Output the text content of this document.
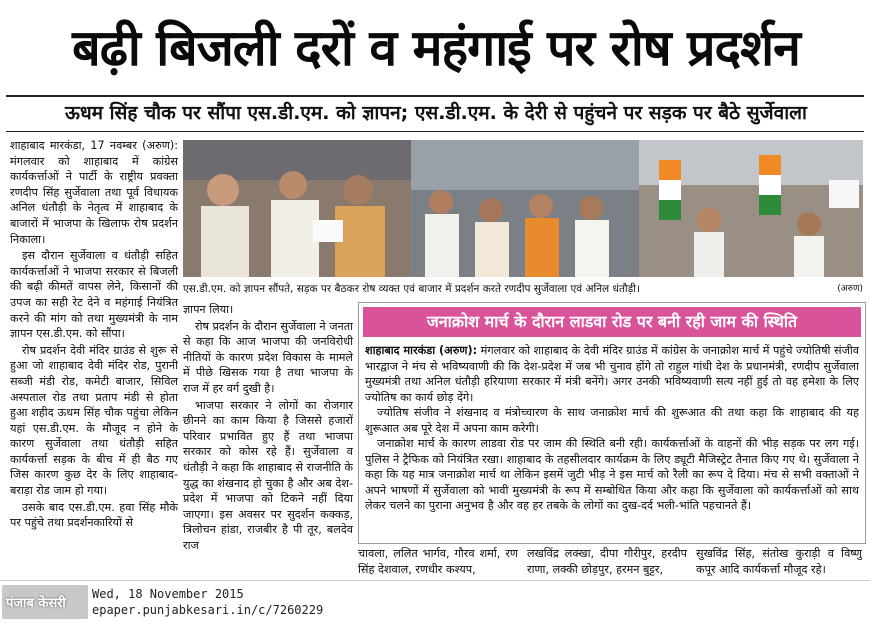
बढ़ी बिजली दरों व महंगाई पर रोष प्रदर्शन
ऊधम सिंह चौक पर सौंपा एस.डी.एम. को ज्ञापन; एस.डी.एम. के देरी से पहुंचने पर सड़क पर बैठे सुर्जेवाला

शाहाबाद मारकंडा, 17 नवम्बर (अरुण): मंगलवार को शाहाबाद में कांग्रेस कार्यकर्त्ताओं ने पार्टी के राष्ट्रीय प्रवक्ता रणदीप सिंह सुर्जेवाला तथा पूर्व विधायक अनिल धंतौड़ी के नेतृत्व में शाहाबाद के बाजारों में भाजपा के खिलाफ रोष प्रदर्शन निकाला।

इस दौरान सुर्जेवाला व धंतौड़ी सहित कार्यकर्त्ताओं ने भाजपा सरकार से बिजली की बढ़ी कीमतें वापस लेने, किसानों की उपज का सही रेट देने व महंगाई नियंत्रित करने की मांग को तथा मुख्यमंत्री के नाम ज्ञापन एस.डी.एम. को सौंपा।

रोष प्रदर्शन देवी मंदिर ग्राउंड से शुरू से हुआ जो शाहाबाद देवी मंदिर रोड, पुरानी सब्जी मंडी रोड, कमेटी बाजार, सिविल अस्पताल रोड तथा प्रताप मंडी से होता हुआ शहीद ऊधम सिंह चौक पहुंचा लेकिन यहां एस.डी.एम. के मौजूद न होने के कारण सुर्जेवाला तथा धंतौड़ी सहित कार्यकर्त्ता सड़क के बीच में ही बैठ गए जिस कारण कुछ देर के लिए शाहाबाद-बराड़ा रोड जाम हो गया।

उसके बाद एस.डी.एम. हवा सिंह मौके पर पहुंचे तथा प्रदर्शनकारियों से

एस.डी.एम. को ज्ञापन सौंपते, सड़क पर बैठकर रोष व्यक्त एवं बाजार में प्रदर्शन करते रणदीप सुर्जेवाला एवं अनिल धंतौड़ी।	(अरुण)

ज्ञापन लिया।

रोष प्रदर्शन के दौरान सुर्जेवाला ने जनता से कहा कि आज भाजपा की जनविरोधी नीतियों के कारण प्रदेश विकास के मामले में पीछे खिसक गया है तथा भाजपा के राज में हर वर्ग दुखी है।

भाजपा सरकार ने लोगों का रोजगार छीनने का काम किया है जिससे हजारों परिवार प्रभावित हुए हैं तथा भाजपा सरकार को कोस रहे हैं। सुर्जेवाला व धंतौड़ी ने कहा कि शाहाबाद से राजनीति के युद्ध का शंखनाद हो चुका है और अब देश-प्रदेश में भाजपा को टिकने नहीं दिया जाएगा। इस अवसर पर सुदर्शन कक्कड़, त्रिलोचन हांडा, राजबीर है पी तूर, बलदेव राज

जनाक्रोश मार्च के दौरान लाडवा रोड पर बनी रही जाम की स्थिति

शाहाबाद मारकंडा (अरुण): मंगलवार को शाहाबाद के देवी मंदिर ग्राउंड में कांग्रेस के जनाक्रोश मार्च में पहुंचे ज्योतिषी संजीव भारद्वाज ने मंच से भविष्यवाणी की कि देश-प्रदेश में जब भी चुनाव होंगे तो राहुल गांधी देश के प्रधानमंत्री, रणदीप सुर्जेवाला मुख्यमंत्री तथा अनिल धंतौड़ी हरियाणा सरकार में मंत्री बनेंगे। अगर उनकी भविष्यवाणी सत्य नहीं हुई तो वह हमेशा के लिए ज्योतिष का कार्य छोड़ देंगे।

ज्योतिष संजीव ने शंखनाद व मंत्रोच्चारण के साथ जनाक्रोश मार्च की शुरूआत की तथा कहा कि शाहाबाद की यह शुरूआत अब पूरे देश में अपना काम करेगी।

जनाक्रोश मार्च के कारण लाडवा रोड पर जाम की स्थिति बनी रही। कार्यकर्त्ताओं के वाहनों की भीड़ सड़क पर लग गई। पुलिस ने ट्रैफिक को नियंत्रित रखा। शाहाबाद के तहसीलदार कार्यक्रम के लिए ड्यूटी मैजिस्ट्रेट तैनात किए गए थे। सुर्जेवाला ने कहा कि यह मात्र जनाक्रोश मार्च था लेकिन इसमें जुटी भीड़ ने इस मार्च को रैली का रूप दे दिया। मंच से सभी वक्ताओं ने अपने भाषणों में सुर्जेवाला को भावी मुख्यमंत्री के रूप में सम्बोधित किया और कहा कि सुर्जेवाला को कार्यकर्त्ताओं को साथ लेकर चलने का पुराना अनुभव है और वह हर तबके के लोगों का दुख-दर्द भली-भांति पहचानते हैं।

चावला, ललित भार्गव, गौरव शर्मा, रण सिंह देशवाल, रणधीर कश्यप,

लखविंद्र लक्खा, दीपा गौरीपुर, हरदीप राणा, लक्की छोड़पुर, हरमन बुट्टर,

सुखविंद्र सिंह, संतोख कुराड़ी व विष्णु कपूर आदि कार्यकर्त्ता मौजूद रहे।

पंजाब केसरी
Wed, 18 November 2015
epaper.punjabkesari.in/c/7260229
